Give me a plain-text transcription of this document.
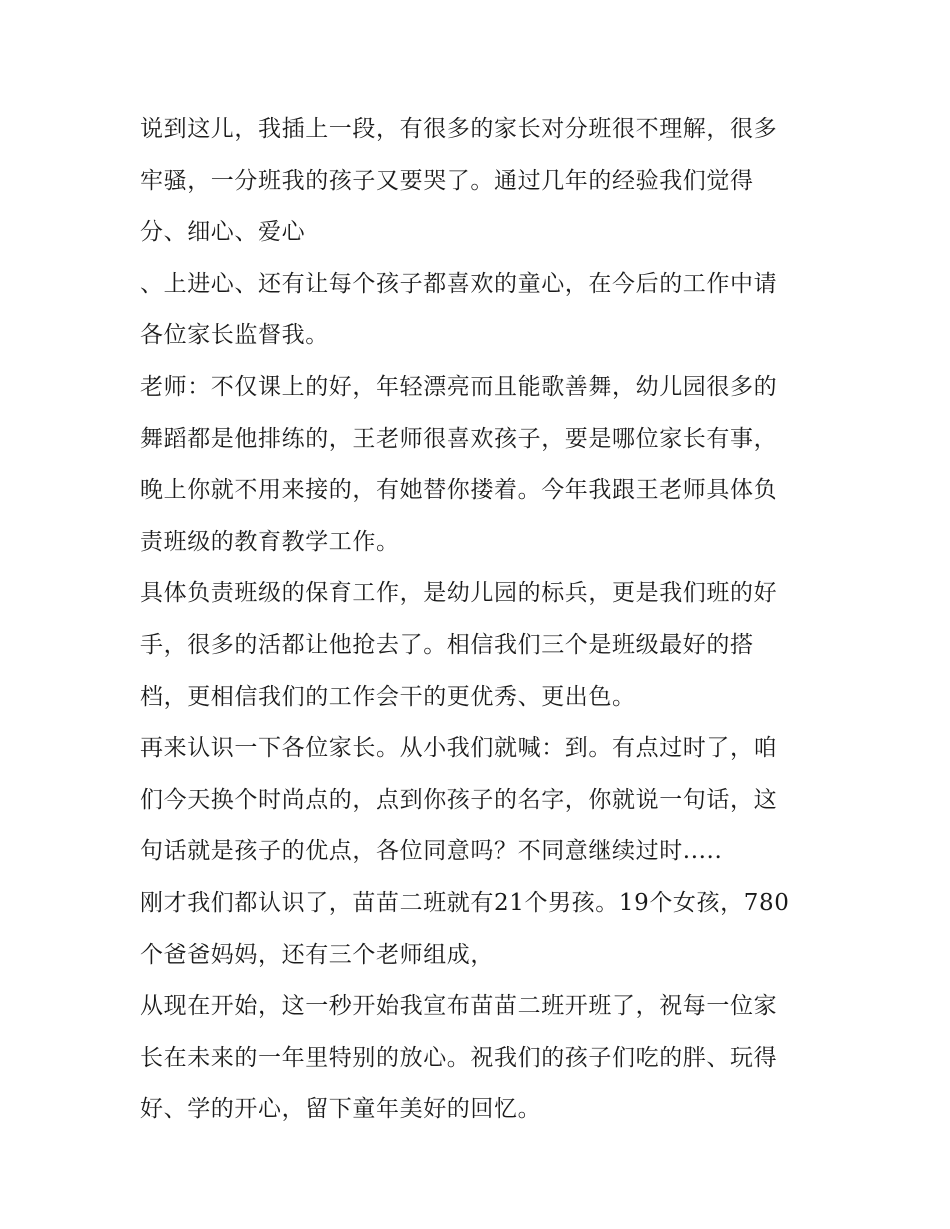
说到这儿，我插上一段，有很多的家长对分班很不理解，很多
牢骚，一分班我的孩子又要哭了。通过几年的经验我们觉得
分、细心、爱心
、上进心、还有让每个孩子都喜欢的童心，在今后的工作中请
各位家长监督我。
老师：不仅课上的好，年轻漂亮而且能歌善舞，幼儿园很多的
舞蹈都是他排练的，王老师很喜欢孩子，要是哪位家长有事，
晚上你就不用来接的，有她替你搂着。今年我跟王老师具体负
责班级的教育教学工作。
具体负责班级的保育工作，是幼儿园的标兵，更是我们班的好
手，很多的活都让他抢去了。相信我们三个是班级最好的搭
档，更相信我们的工作会干的更优秀、更出色。
再来认识一下各位家长。从小我们就喊：到。有点过时了，咱
们今天换个时尚点的，点到你孩子的名字，你就说一句话，这
句话就是孩子的优点，各位同意吗？不同意继续过时.....
刚才我们都认识了，苗苗二班就有21个男孩。19个女孩，780
个爸爸妈妈，还有三个老师组成，
从现在开始，这一秒开始我宣布苗苗二班开班了，祝每一位家
长在未来的一年里特别的放心。祝我们的孩子们吃的胖、玩得
好、学的开心，留下童年美好的回忆。
